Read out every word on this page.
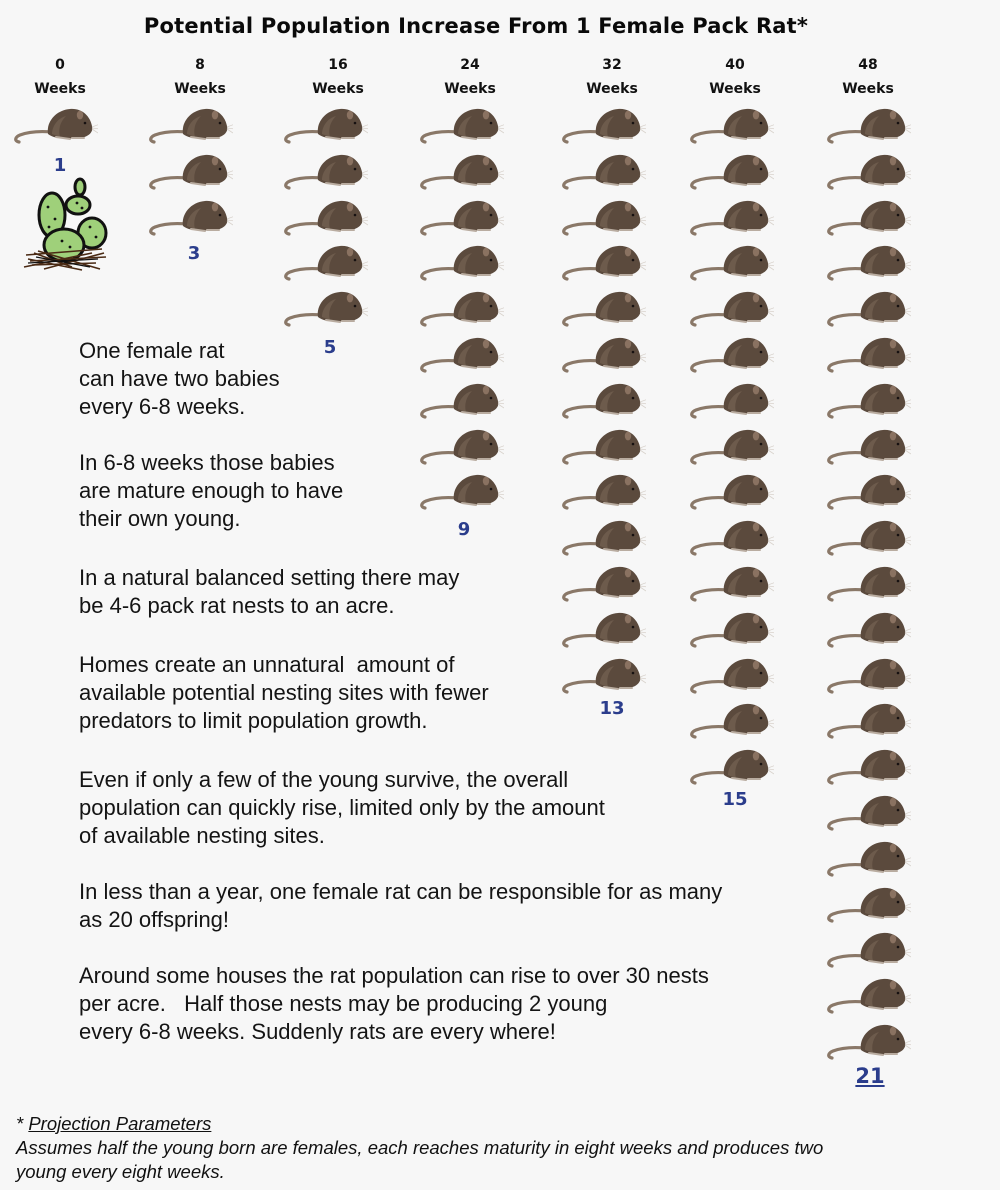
Potential Population Increase From 1 Female Pack Rat*
0
Weeks
8
Weeks
16
Weeks
24
Weeks
32
Weeks
40
Weeks
48
Weeks
1
3
5
9
13
15
21
One female rat
can have two babies
every 6-8 weeks.
In 6-8 weeks those babies
are mature enough to have
their own young.
In a natural balanced setting there may
be 4-6 pack rat nests to an acre.
Homes create an unnatural  amount of
available potential nesting sites with fewer
predators to limit population growth.
Even if only a few of the young survive, the overall
population can quickly rise, limited only by the amount
of available nesting sites.
In less than a year, one female rat can be responsible for as many
as 20 offspring!
Around some houses the rat population can rise to over 30 nests
per acre.   Half those nests may be producing 2 young
every 6-8 weeks. Suddenly rats are every where!
* Projection Parameters
Assumes half the young born are females, each reaches maturity in eight weeks and produces two
young every eight weeks.
